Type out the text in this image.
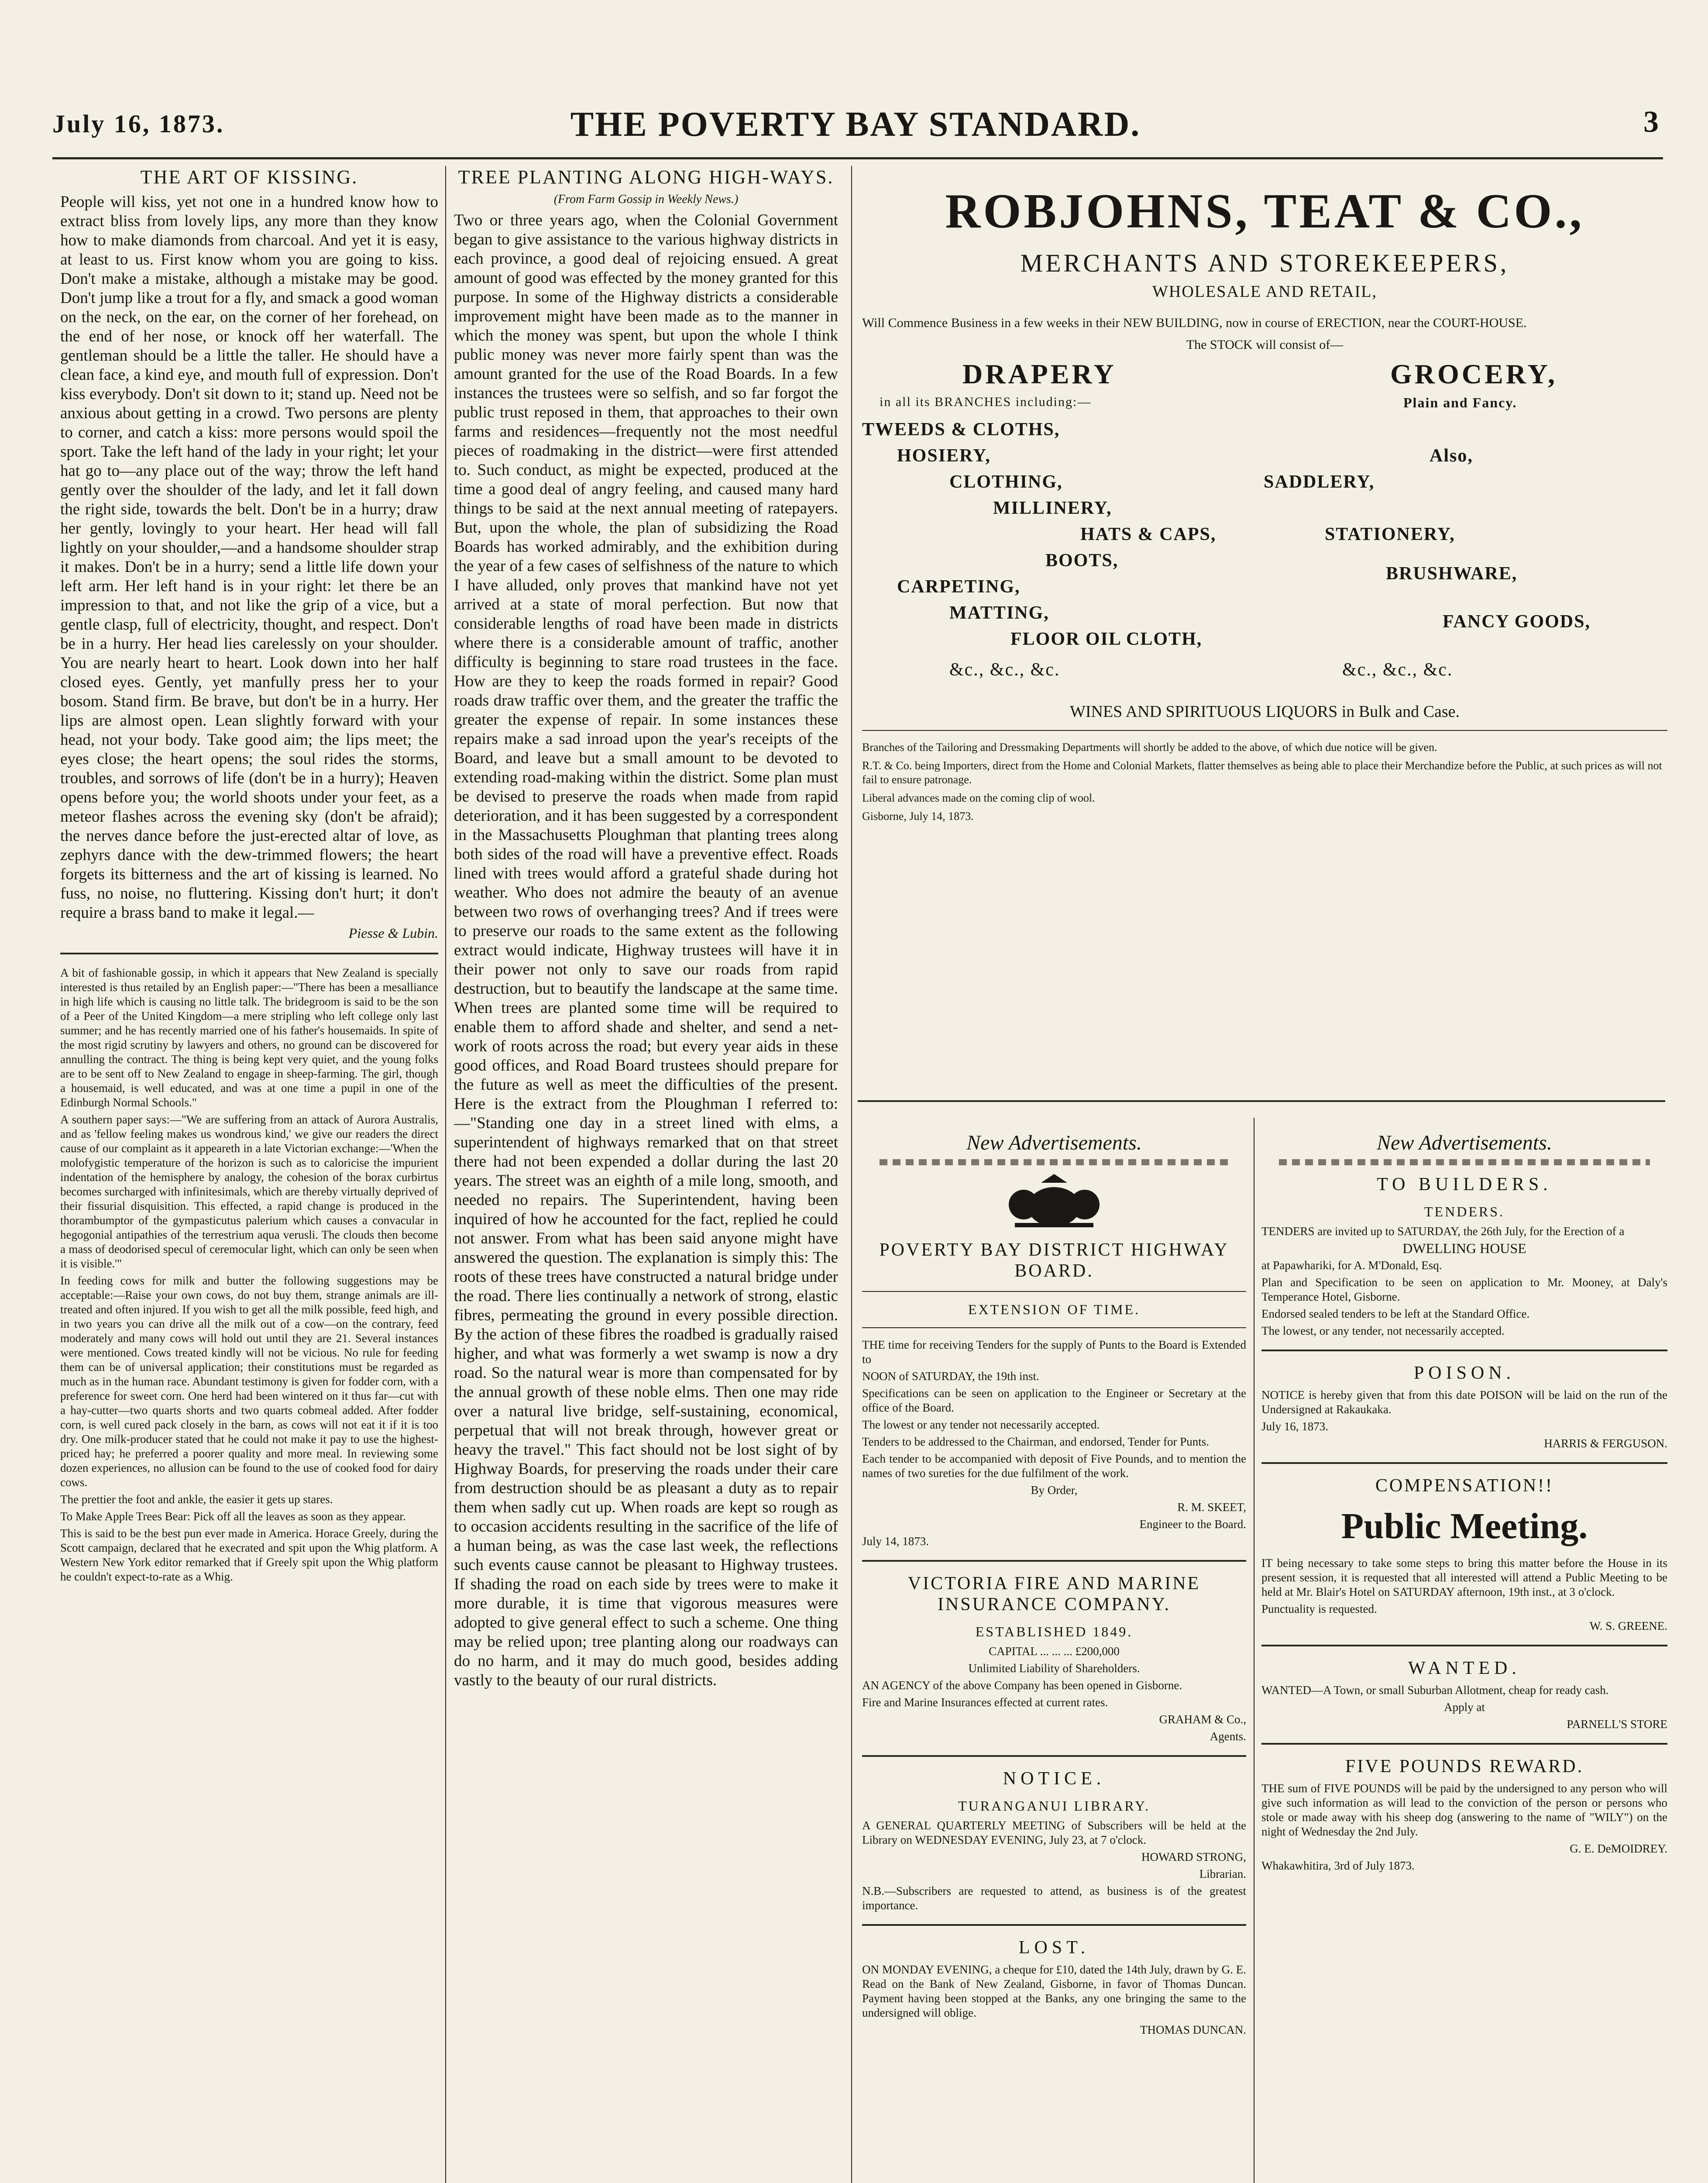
July 16, 1873.	THE POVERTY BAY STANDARD.	3
THE ART OF KISSING.

People will kiss, yet not one in a hundred know how to extract bliss from lovely lips, any more than they know how to make diamonds from charcoal. And yet it is easy, at least to us. First know whom you are going to kiss. Don't make a mistake, although a mistake may be good. Don't jump like a trout for a fly, and smack a good woman on the neck, on the ear, on the corner of her forehead, on the end of her nose, or knock off her waterfall. The gentleman should be a little the taller. He should have a clean face, a kind eye, and mouth full of expression. Don't kiss everybody. Don't sit down to it; stand up. Need not be anxious about getting in a crowd. Two persons are plenty to corner, and catch a kiss: more persons would spoil the sport. Take the left hand of the lady in your right; let your hat go to—any place out of the way; throw the left hand gently over the shoulder of the lady, and let it fall down the right side, towards the belt. Don't be in a hurry; draw her gently, lovingly to your heart. Her head will fall lightly on your shoulder,—and a handsome shoulder strap it makes. Don't be in a hurry; send a little life down your left arm. Her left hand is in your right: let there be an impression to that, and not like the grip of a vice, but a gentle clasp, full of electricity, thought, and respect. Don't be in a hurry. Her head lies carelessly on your shoulder. You are nearly heart to heart. Look down into her half closed eyes. Gently, yet manfully press her to your bosom. Stand firm. Be brave, but don't be in a hurry. Her lips are almost open. Lean slightly forward with your head, not your body. Take good aim; the lips meet; the eyes close; the heart opens; the soul rides the storms, troubles, and sorrows of life (don't be in a hurry); Heaven opens before you; the world shoots under your feet, as a meteor flashes across the evening sky (don't be afraid); the nerves dance before the just-erected altar of love, as zephyrs dance with the dew-trimmed flowers; the heart forgets its bitterness and the art of kissing is learned. No fuss, no noise, no fluttering. Kissing don't hurt; it don't require a brass band to make it legal.—

Piesse & Lubin.

A bit of fashionable gossip, in which it appears that New Zealand is specially interested is thus retailed by an English paper:—"There has been a mesalliance in high life which is causing no little talk. The bridegroom is said to be the son of a Peer of the United Kingdom—a mere stripling who left college only last summer; and he has recently married one of his father's housemaids. In spite of the most rigid scrutiny by lawyers and others, no ground can be discovered for annulling the contract. The thing is being kept very quiet, and the young folks are to be sent off to New Zealand to engage in sheep-farming. The girl, though a housemaid, is well educated, and was at one time a pupil in one of the Edinburgh Normal Schools."

A southern paper says:—"We are suffering from an attack of Aurora Australis, and as 'fellow feeling makes us wondrous kind,' we give our readers the direct cause of our complaint as it appeareth in a late Victorian exchange:—'When the molofygistic temperature of the horizon is such as to caloricise the impurient indentation of the hemisphere by analogy, the cohesion of the borax curbirtus becomes surcharged with infinitesimals, which are thereby virtually deprived of their fissurial disquisition. This effected, a rapid change is produced in the thorambumptor of the gympasticutus palerium which causes a convacular in hegogonial antipathies of the terrestrium aqua verusli. The clouds then become a mass of deodorised specul of ceremocular light, which can only be seen when it is visible.'"

In feeding cows for milk and butter the following suggestions may be acceptable:—Raise your own cows, do not buy them, strange animals are ill-treated and often injured. If you wish to get all the milk possible, feed high, and in two years you can drive all the milk out of a cow—on the contrary, feed moderately and many cows will hold out until they are 21. Several instances were mentioned. Cows treated kindly will not be vicious. No rule for feeding them can be of universal application; their constitutions must be regarded as much as in the human race. Abundant testimony is given for fodder corn, with a preference for sweet corn. One herd had been wintered on it thus far—cut with a hay-cutter—two quarts shorts and two quarts cobmeal added. After fodder corn, is well cured pack closely in the barn, as cows will not eat it if it is too dry. One milk-producer stated that he could not make it pay to use the highest-priced hay; he preferred a poorer quality and more meal. In reviewing some dozen experiences, no allusion can be found to the use of cooked food for dairy cows.

The prettier the foot and ankle, the easier it gets up stares.

To Make Apple Trees Bear: Pick off all the leaves as soon as they appear.

This is said to be the best pun ever made in America. Horace Greely, during the Scott campaign, declared that he execrated and spit upon the Whig platform. A Western New York editor remarked that if Greely spit upon the Whig platform he couldn't expect-to-rate as a Whig.

TREE PLANTING ALONG HIGH-WAYS.
(From Farm Gossip in Weekly News.)

Two or three years ago, when the Colonial Government began to give assistance to the various highway districts in each province, a good deal of rejoicing ensued. A great amount of good was effected by the money granted for this purpose. In some of the Highway districts a considerable improvement might have been made as to the manner in which the money was spent, but upon the whole I think public money was never more fairly spent than was the amount granted for the use of the Road Boards. In a few instances the trustees were so selfish, and so far forgot the public trust reposed in them, that approaches to their own farms and residences—frequently not the most needful pieces of roadmaking in the district—were first attended to. Such conduct, as might be expected, produced at the time a good deal of angry feeling, and caused many hard things to be said at the next annual meeting of ratepayers. But, upon the whole, the plan of subsidizing the Road Boards has worked admirably, and the exhibition during the year of a few cases of selfishness of the nature to which I have alluded, only proves that mankind have not yet arrived at a state of moral perfection. But now that considerable lengths of road have been made in districts where there is a considerable amount of traffic, another difficulty is beginning to stare road trustees in the face. How are they to keep the roads formed in repair? Good roads draw traffic over them, and the greater the traffic the greater the expense of repair. In some instances these repairs make a sad inroad upon the year's receipts of the Board, and leave but a small amount to be devoted to extending road-making within the district. Some plan must be devised to preserve the roads when made from rapid deterioration, and it has been suggested by a correspondent in the Massachusetts Ploughman that planting trees along both sides of the road will have a preventive effect. Roads lined with trees would afford a grateful shade during hot weather. Who does not admire the beauty of an avenue between two rows of overhanging trees? And if trees were to preserve our roads to the same extent as the following extract would indicate, Highway trustees will have it in their power not only to save our roads from rapid destruction, but to beautify the landscape at the same time. When trees are planted some time will be required to enable them to afford shade and shelter, and send a net-work of roots across the road; but every year aids in these good offices, and Road Board trustees should prepare for the future as well as meet the difficulties of the present. Here is the extract from the Ploughman I referred to:—"Standing one day in a street lined with elms, a superintendent of highways remarked that on that street there had not been expended a dollar during the last 20 years. The street was an eighth of a mile long, smooth, and needed no repairs. The Superintendent, having been inquired of how he accounted for the fact, replied he could not answer. From what has been said anyone might have answered the question. The explanation is simply this: The roots of these trees have constructed a natural bridge under the road. There lies continually a network of strong, elastic fibres, permeating the ground in every possible direction. By the action of these fibres the roadbed is gradually raised higher, and what was formerly a wet swamp is now a dry road. So the natural wear is more than compensated for by the annual growth of these noble elms. Then one may ride over a natural live bridge, self-sustaining, economical, perpetual that will not break through, however great or heavy the travel." This fact should not be lost sight of by Highway Boards, for preserving the roads under their care from destruction should be as pleasant a duty as to repair them when sadly cut up. When roads are kept so rough as to occasion accidents resulting in the sacrifice of the life of a human being, as was the case last week, the reflections such events cause cannot be pleasant to Highway trustees. If shading the road on each side by trees were to make it more durable, it is time that vigorous measures were adopted to give general effect to such a scheme. One thing may be relied upon; tree planting along our roadways can do no harm, and it may do much good, besides adding vastly to the beauty of our rural districts.

ROBJOHNS, TEAT & CO.,
MERCHANTS AND STOREKEEPERS,
WHOLESALE AND RETAIL,
Will Commence Business in a few weeks in their NEW BUILDING, now in course of ERECTION, near the COURT-HOUSE.
The STOCK will consist of—
DRAPERY	GROCERY,
in all its BRANCHES including:—	Plain and Fancy.
TWEEDS & CLOTHS,
HOSIERY,
CLOTHING,
MILLINERY,
HATS & CAPS,
BOOTS,
CARPETING,
MATTING,
FLOOR OIL CLOTH,
&c., &c., &c.
Also,
SADDLERY,
STATIONERY,
BRUSHWARE,
FANCY GOODS,
&c., &c., &c.
WINES AND SPIRITUOUS LIQUORS in Bulk and Case.
Branches of the Tailoring and Dressmaking Departments will shortly be added to the above, of which due notice will be given.
R.T. & Co. being Importers, direct from the Home and Colonial Markets, flatter themselves as being able to place their Merchandize before the Public, at such prices as will not fail to ensure patronage.
Liberal advances made on the coming clip of wool.
Gisborne, July 14, 1873.
New Advertisements.
POVERTY BAY DISTRICT HIGHWAY BOARD.
EXTENSION OF TIME.

THE time for receiving Tenders for the supply of Punts to the Board is Extended to

NOON of SATURDAY, the 19th inst.

Specifications can be seen on application to the Engineer or Secretary at the office of the Board.

The lowest or any tender not necessarily accepted.

Tenders to be addressed to the Chairman, and endorsed, Tender for Punts.

Each tender to be accompanied with deposit of Five Pounds, and to mention the names of two sureties for the due fulfilment of the work.

By Order,

R. M. SKEET,

Engineer to the Board.

July 14, 1873.

VICTORIA FIRE AND MARINE INSURANCE COMPANY.
ESTABLISHED 1849.

CAPITAL ... ... ... £200,000

Unlimited Liability of Shareholders.

AN AGENCY of the above Company has been opened in Gisborne.

Fire and Marine Insurances effected at current rates.

GRAHAM & Co.,

Agents.

NOTICE.
TURANGANUI LIBRARY.

A GENERAL QUARTERLY MEETING of Subscribers will be held at the Library on WEDNESDAY EVENING, July 23, at 7 o'clock.

HOWARD STRONG,

Librarian.

N.B.—Subscribers are requested to attend, as business is of the greatest importance.

LOST.

ON MONDAY EVENING, a cheque for £10, dated the 14th July, drawn by G. E. Read on the Bank of New Zealand, Gisborne, in favor of Thomas Duncan. Payment having been stopped at the Banks, any one bringing the same to the undersigned will oblige.

THOMAS DUNCAN.

New Advertisements.
TO BUILDERS.
TENDERS.

TENDERS are invited up to SATURDAY, the 26th July, for the Erection of a

DWELLING HOUSE

at Papawhariki, for A. M'Donald, Esq.

Plan and Specification to be seen on application to Mr. Mooney, at Daly's Temperance Hotel, Gisborne.

Endorsed sealed tenders to be left at the Standard Office.

The lowest, or any tender, not necessarily accepted.

POISON.

NOTICE is hereby given that from this date POISON will be laid on the run of the Undersigned at Rakaukaka.

July 16, 1873.

HARRIS & FERGUSON.

COMPENSATION!!
Public Meeting.

IT being necessary to take some steps to bring this matter before the House in its present session, it is requested that all interested will attend a Public Meeting to be held at Mr. Blair's Hotel on SATURDAY afternoon, 19th inst., at 3 o'clock.

Punctuality is requested.

W. S. GREENE.

WANTED.

WANTED—A Town, or small Suburban Allotment, cheap for ready cash.

Apply at

PARNELL'S STORE

FIVE POUNDS REWARD.

THE sum of FIVE POUNDS will be paid by the undersigned to any person who will give such information as will lead to the conviction of the person or persons who stole or made away with his sheep dog (answering to the name of "WILY") on the night of Wednesday the 2nd July.

G. E. DeMOIDREY.

Whakawhitira, 3rd of July 1873.
